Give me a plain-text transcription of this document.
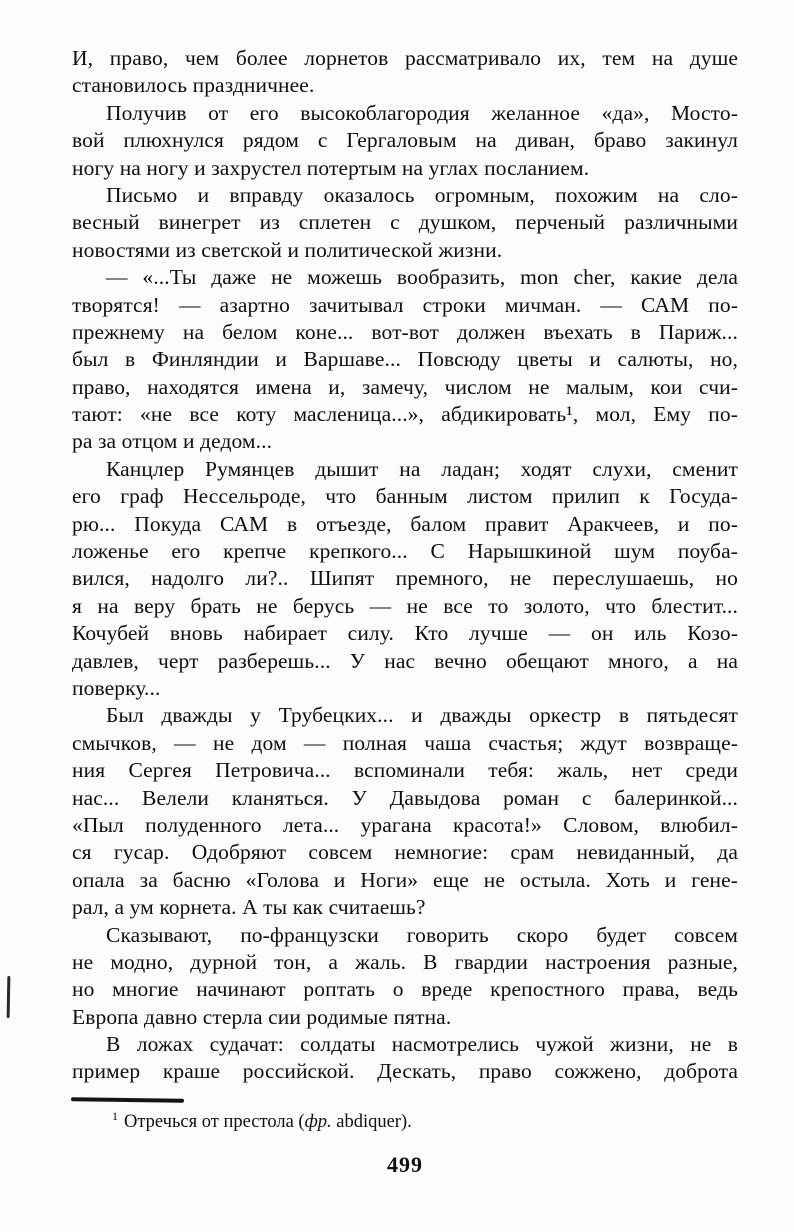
И, право, чем более лорнетов рассматривало их, тем на душе
становилось праздничнее.
Получив от его высокоблагородия желанное «да», Мосто-
вой плюхнулся рядом с Гергаловым на диван, браво закинул
ногу на ногу и захрустел потертым на углах посланием.
Письмо и вправду оказалось огромным, похожим на сло-
весный винегрет из сплетен с душком, перченый различными
новостями из светской и политической жизни.
— «...Ты даже не можешь вообразить, mon cher, какие дела
творятся! — азартно зачитывал строки мичман. — САМ по-
прежнему на белом коне... вот-вот должен въехать в Париж...
был в Финляндии и Варшаве... Повсюду цветы и салюты, но,
право, находятся имена и, замечу, числом не малым, кои счи-
тают: «не все коту масленица...», абдикировать¹, мол, Ему по-
ра за отцом и дедом...
Канцлер Румянцев дышит на ладан; ходят слухи, сменит
его граф Нессельроде, что банным листом прилип к Госуда-
рю... Покуда САМ в отъезде, балом правит Аракчеев, и по-
ложенье его крепче крепкого... С Нарышкиной шум поуба-
вился, надолго ли?.. Шипят премного, не переслушаешь, но
я на веру брать не берусь — не все то золото, что блестит...
Кочубей вновь набирает силу. Кто лучше — он иль Козо-
давлев, черт разберешь... У нас вечно обещают много, а на
поверку...
Был дважды у Трубецких... и дважды оркестр в пятьдесят
смычков, — не дом — полная чаша счастья; ждут возвраще-
ния Сергея Петровича... вспоминали тебя: жаль, нет среди
нас... Велели кланяться. У Давыдова роман с балеринкой...
«Пыл полуденного лета... урагана красота!» Словом, влюбил-
ся гусар. Одобряют совсем немногие: срам невиданный, да
опала за басню «Голова и Ноги» еще не остыла. Хоть и гене-
рал, а ум корнета. А ты как считаешь?
Сказывают, по-французски говорить скоро будет совсем
не модно, дурной тон, а жаль. В гвардии настроения разные,
но многие начинают роптать о вреде крепостного права, ведь
Европа давно стерла сии родимые пятна.
В ложах судачат: солдаты насмотрелись чужой жизни, не в
пример краше российской. Дескать, право сожжено, доброта
$^1$ Отречься от престола (фр. abdiquer).
499
